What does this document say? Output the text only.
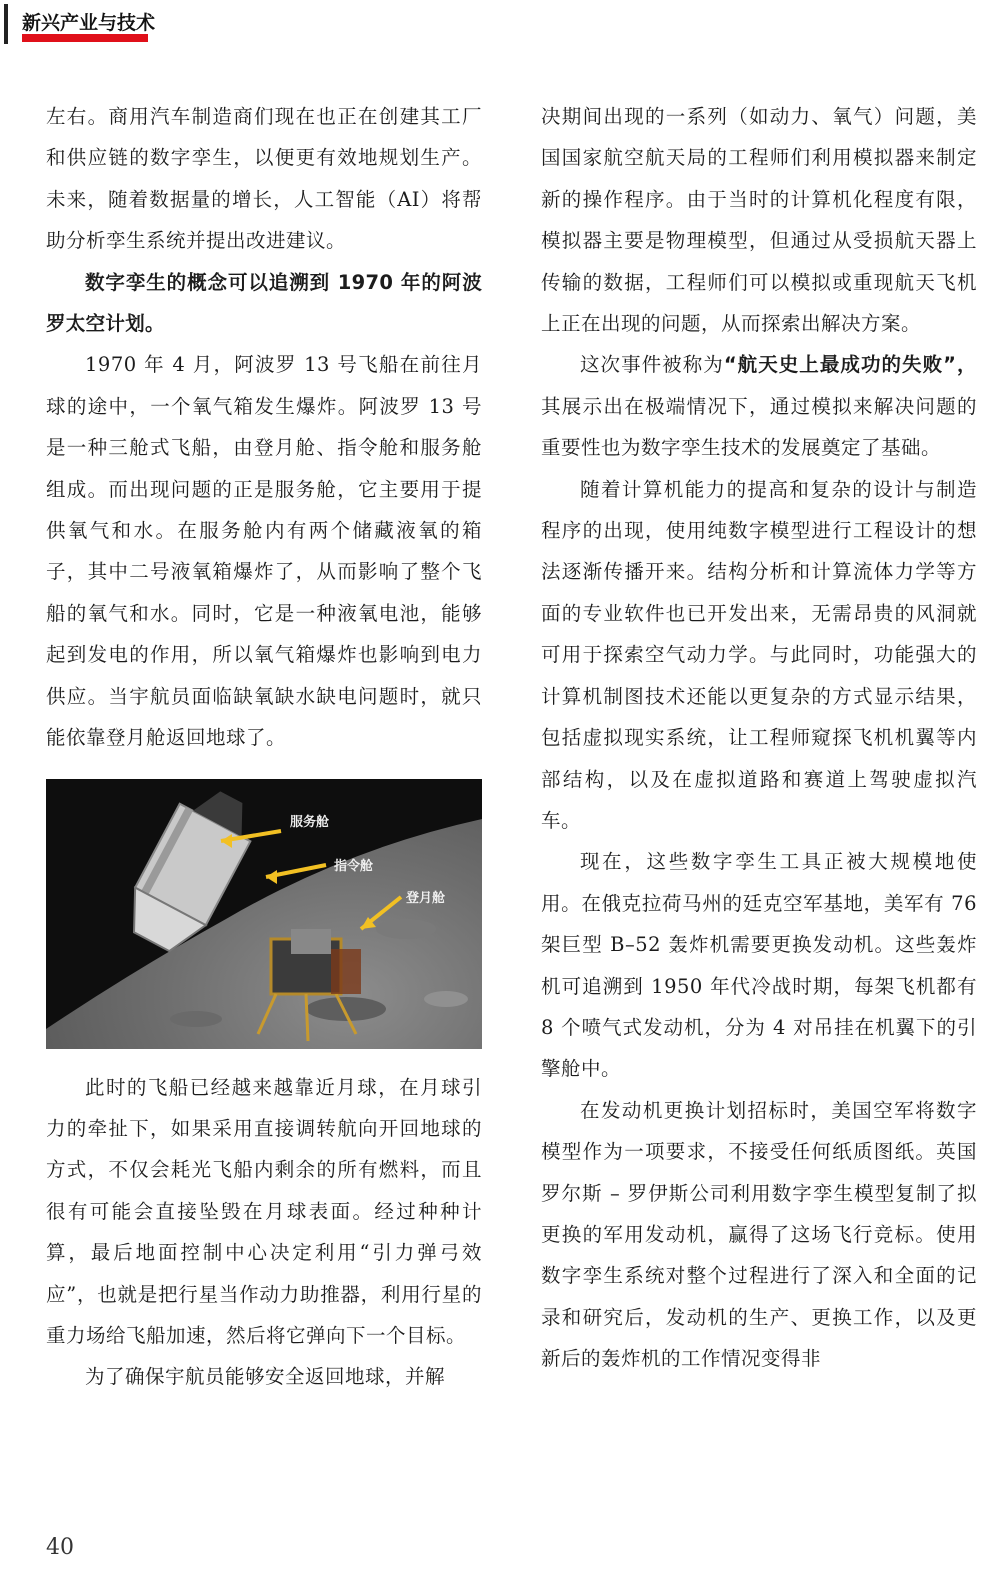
新兴产业与技术

左右。商用汽车制造商们现在也正在创建其工厂和供应链的数字孪生，以便更有效地规划生产。未来，随着数据量的增长，人工智能（AI）将帮助分析孪生系统并提出改进建议。

数字孪生的概念可以追溯到 1970 年的阿波罗太空计划。

1970 年 4 月，阿波罗 13 号飞船在前往月球的途中，一个氧气箱发生爆炸。阿波罗 13 号是一种三舱式飞船，由登月舱、指令舱和服务舱组成。而出现问题的正是服务舱，它主要用于提供氧气和水。在服务舱内有两个储藏液氧的箱子，其中二号液氧箱爆炸了，从而影响了整个飞船的氧气和水。同时，它是一种液氧电池，能够起到发电的作用，所以氧气箱爆炸也影响到电力供应。当宇航员面临缺氧缺水缺电问题时，就只能依靠登月舱返回地球了。

服务舱
指令舱
登月舱

此时的飞船已经越来越靠近月球，在月球引力的牵扯下，如果采用直接调转航向开回地球的方式，不仅会耗光飞船内剩余的所有燃料，而且很有可能会直接坠毁在月球表面。经过种种计算，最后地面控制中心决定利用“引力弹弓效应”，也就是把行星当作动力助推器，利用行星的重力场给飞船加速，然后将它弹向下一个目标。

为了确保宇航员能够安全返回地球，并解

决期间出现的一系列（如动力、氧气）问题，美国国家航空航天局的工程师们利用模拟器来制定新的操作程序。由于当时的计算机化程度有限，模拟器主要是物理模型，但通过从受损航天器上传输的数据，工程师们可以模拟或重现航天飞机上正在出现的问题，从而探索出解决方案。

这次事件被称为“航天史上最成功的失败”，其展示出在极端情况下，通过模拟来解决问题的重要性也为数字孪生技术的发展奠定了基础。

随着计算机能力的提高和复杂的设计与制造程序的出现，使用纯数字模型进行工程设计的想法逐渐传播开来。结构分析和计算流体力学等方面的专业软件也已开发出来，无需昂贵的风洞就可用于探索空气动力学。与此同时，功能强大的计算机制图技术还能以更复杂的方式显示结果，包括虚拟现实系统，让工程师窥探飞机机翼等内部结构，以及在虚拟道路和赛道上驾驶虚拟汽车。

现在，这些数字孪生工具正被大规模地使用。在俄克拉荷马州的廷克空军基地，美军有 76 架巨型 B–52 轰炸机需要更换发动机。这些轰炸机可追溯到 1950 年代冷战时期，每架飞机都有 8 个喷气式发动机，分为 4 对吊挂在机翼下的引擎舱中。

在发动机更换计划招标时，美国空军将数字模型作为一项要求，不接受任何纸质图纸。英国罗尔斯 – 罗伊斯公司利用数字孪生模型复制了拟更换的军用发动机，赢得了这场飞行竞标。使用数字孪生系统对整个过程进行了深入和全面的记录和研究后，发动机的生产、更换工作，以及更新后的轰炸机的工作情况变得非

40
